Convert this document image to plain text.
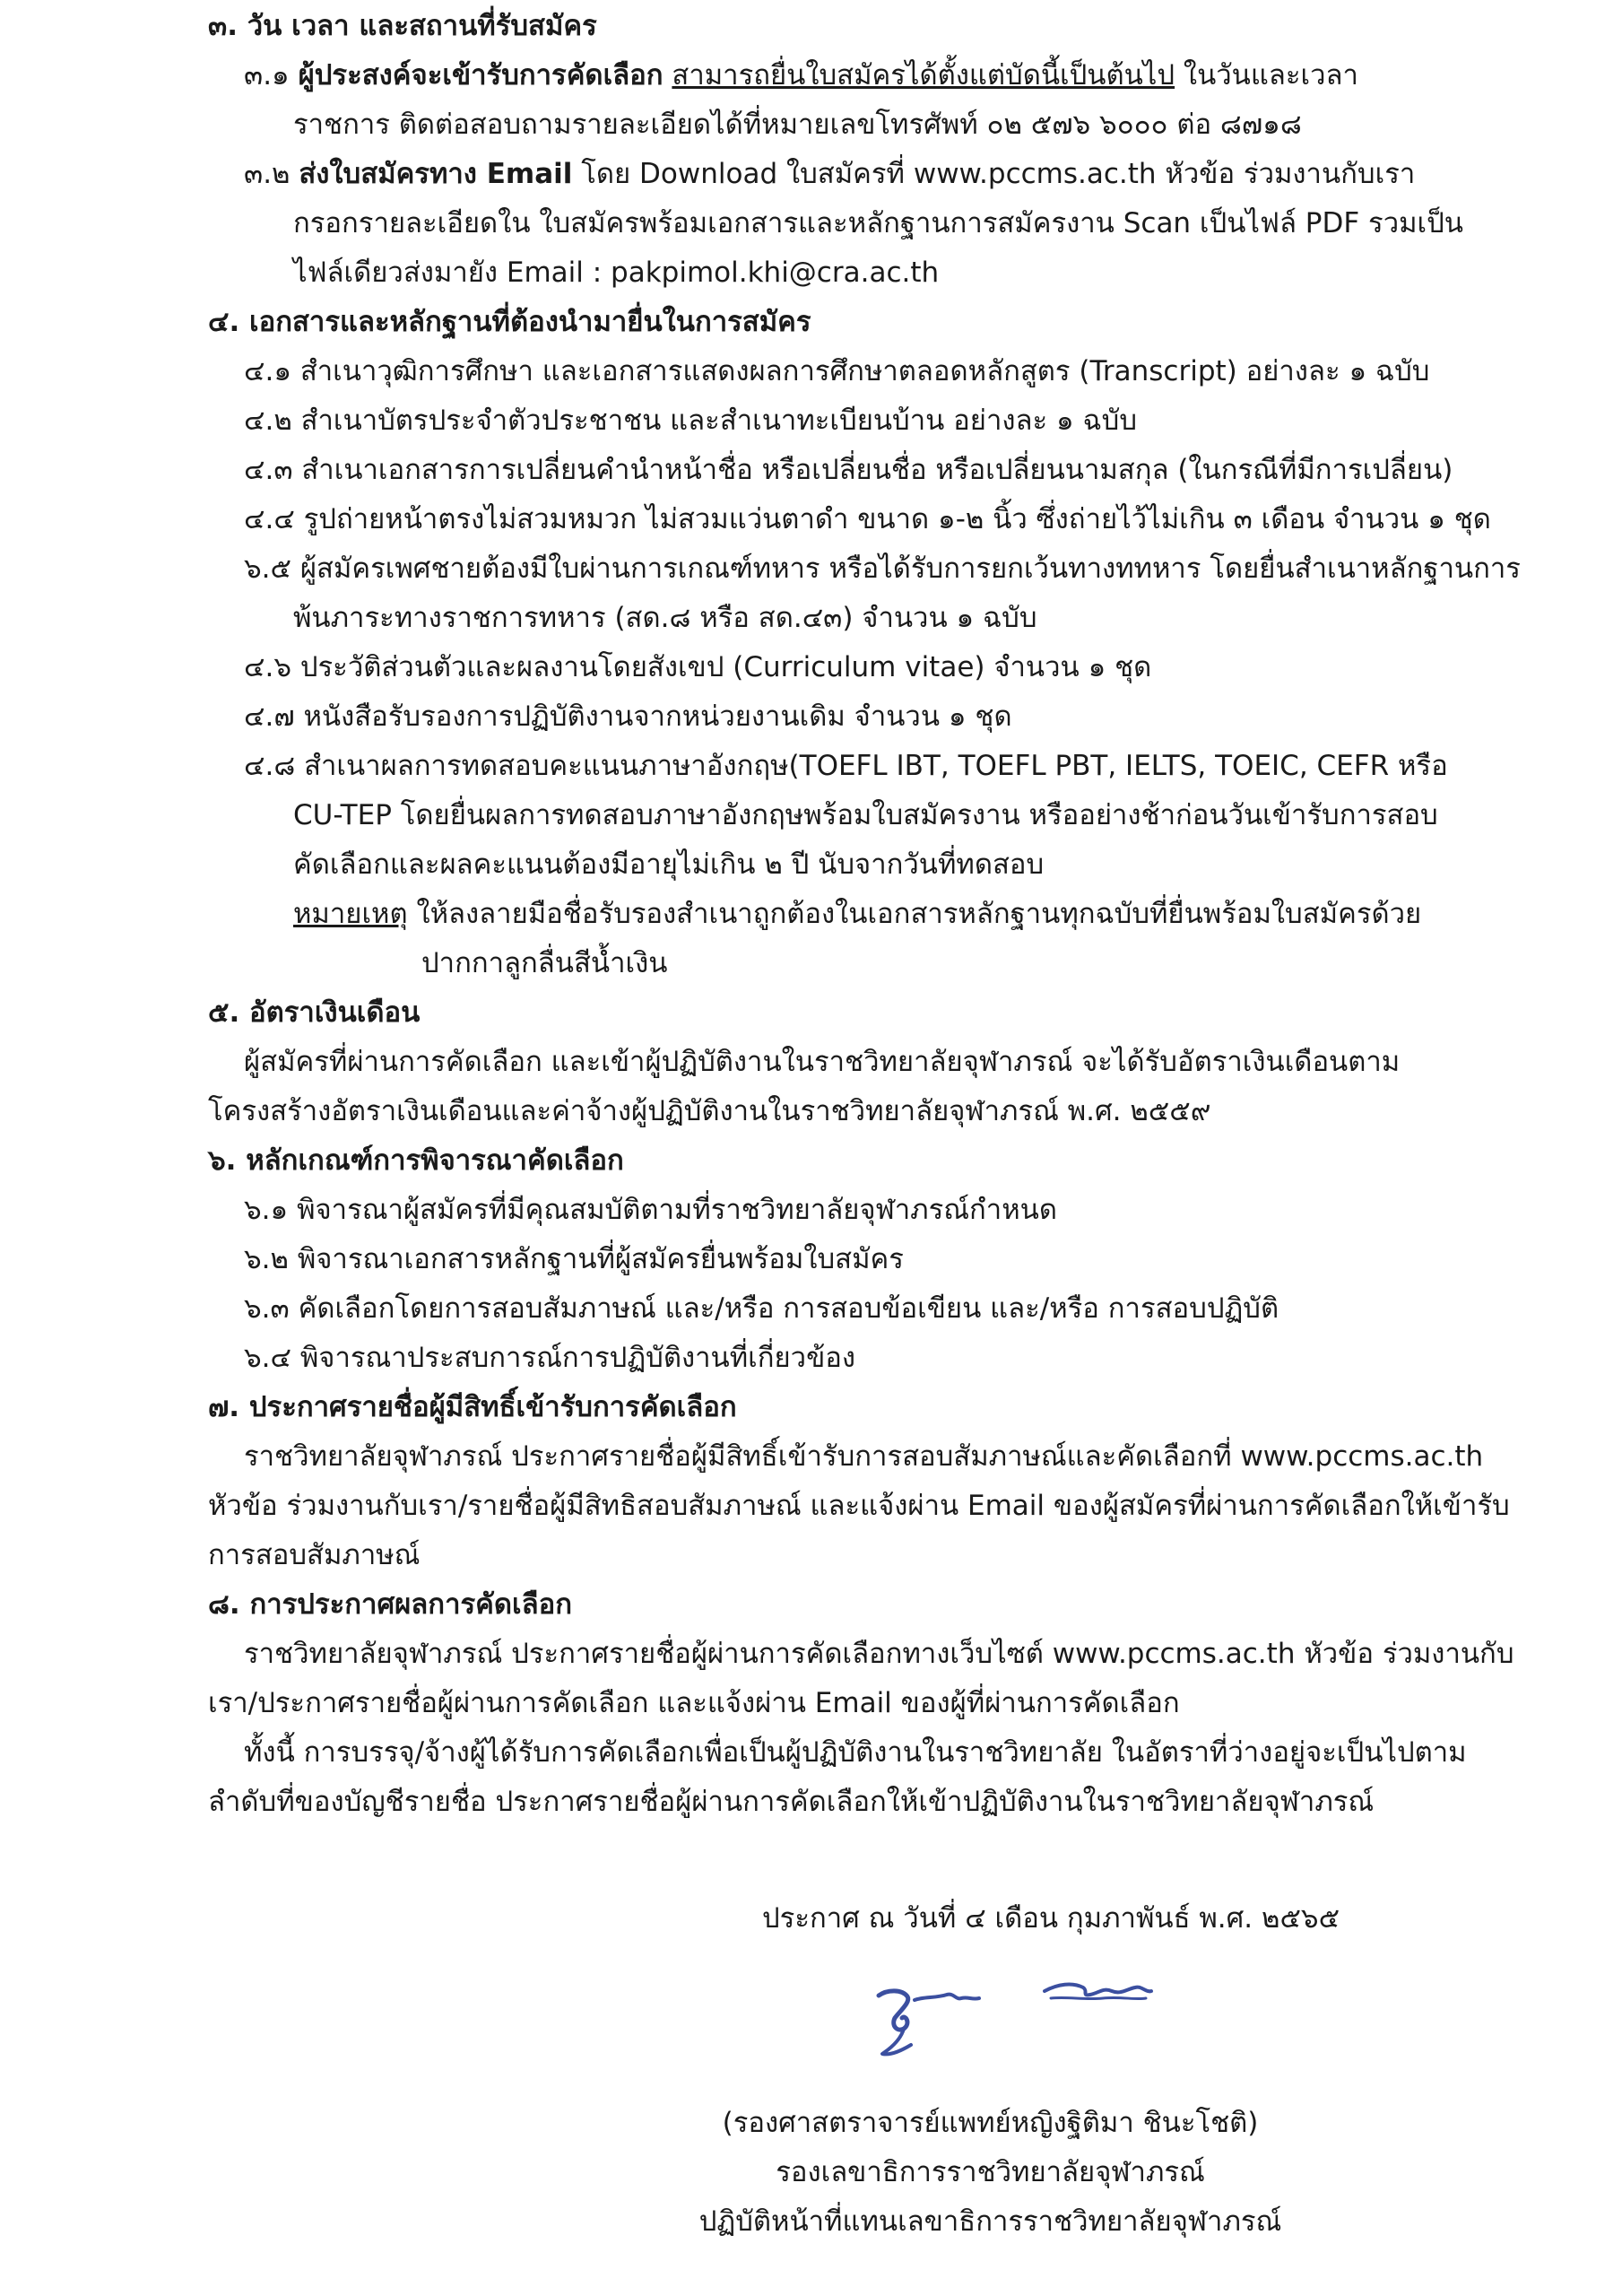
๓. วัน เวลา และสถานที่รับสมัคร
๓.๑ ผู้ประสงค์จะเข้ารับการคัดเลือก สามารถยื่นใบสมัครได้ตั้งแต่บัดนี้เป็นต้นไป ในวันและเวลา
ราชการ ติดต่อสอบถามรายละเอียดได้ที่หมายเลขโทรศัพท์ ๐๒ ๕๗๖ ๖๐๐๐ ต่อ ๘๗๑๘
๓.๒ ส่งใบสมัครทาง Email โดย Download ใบสมัครที่ www.pccms.ac.th หัวข้อ ร่วมงานกับเรา
กรอกรายละเอียดใน ใบสมัครพร้อมเอกสารและหลักฐานการสมัครงาน Scan เป็นไฟล์ PDF รวมเป็น
ไฟล์เดียวส่งมายัง Email : pakpimol.khi@cra.ac.th
๔. เอกสารและหลักฐานที่ต้องนำมายื่นในการสมัคร
๔.๑ สำเนาวุฒิการศึกษา และเอกสารแสดงผลการศึกษาตลอดหลักสูตร (Transcript) อย่างละ ๑ ฉบับ
๔.๒ สำเนาบัตรประจำตัวประชาชน และสำเนาทะเบียนบ้าน อย่างละ ๑ ฉบับ
๔.๓ สำเนาเอกสารการเปลี่ยนคำนำหน้าชื่อ หรือเปลี่ยนชื่อ หรือเปลี่ยนนามสกุล (ในกรณีที่มีการเปลี่ยน)
๔.๔ รูปถ่ายหน้าตรงไม่สวมหมวก ไม่สวมแว่นตาดำ ขนาด ๑-๒ นิ้ว ซึ่งถ่ายไว้ไม่เกิน ๓ เดือน จำนวน ๑ ชุด
๖.๕ ผู้สมัครเพศชายต้องมีใบผ่านการเกณฑ์ทหาร หรือได้รับการยกเว้นทางททหาร โดยยื่นสำเนาหลักฐานการ
พ้นภาระทางราชการทหาร (สด.๘ หรือ สด.๔๓) จำนวน ๑ ฉบับ
๔.๖ ประวัติส่วนตัวและผลงานโดยสังเขป (Curriculum vitae) จำนวน ๑ ชุด
๔.๗ หนังสือรับรองการปฏิบัติงานจากหน่วยงานเดิม จำนวน ๑ ชุด
๔.๘ สำเนาผลการทดสอบคะแนนภาษาอังกฤษ(TOEFL IBT, TOEFL PBT, IELTS, TOEIC, CEFR หรือ
CU-TEP โดยยื่นผลการทดสอบภาษาอังกฤษพร้อมใบสมัครงาน หรืออย่างช้าก่อนวันเข้ารับการสอบ
คัดเลือกและผลคะแนนต้องมีอายุไม่เกิน ๒ ปี นับจากวันที่ทดสอบ
หมายเหตุ ให้ลงลายมือชื่อรับรองสำเนาถูกต้องในเอกสารหลักฐานทุกฉบับที่ยื่นพร้อมใบสมัครด้วย
ปากกาลูกลื่นสีน้ำเงิน
๕. อัตราเงินเดือน
ผู้สมัครที่ผ่านการคัดเลือก และเข้าผู้ปฏิบัติงานในราชวิทยาลัยจุฬาภรณ์ จะได้รับอัตราเงินเดือนตาม
โครงสร้างอัตราเงินเดือนและค่าจ้างผู้ปฏิบัติงานในราชวิทยาลัยจุฬาภรณ์ พ.ศ. ๒๕๕๙
๖. หลักเกณฑ์การพิจารณาคัดเลือก
๖.๑ พิจารณาผู้สมัครที่มีคุณสมบัติตามที่ราชวิทยาลัยจุฬาภรณ์กำหนด
๖.๒ พิจารณาเอกสารหลักฐานที่ผู้สมัครยื่นพร้อมใบสมัคร
๖.๓ คัดเลือกโดยการสอบสัมภาษณ์ และ/หรือ การสอบข้อเขียน และ/หรือ การสอบปฏิบัติ
๖.๔ พิจารณาประสบการณ์การปฏิบัติงานที่เกี่ยวข้อง
๗. ประกาศรายชื่อผู้มีสิทธิ์เข้ารับการคัดเลือก
ราชวิทยาลัยจุฬาภรณ์ ประกาศรายชื่อผู้มีสิทธิ์เข้ารับการสอบสัมภาษณ์และคัดเลือกที่ www.pccms.ac.th
หัวข้อ ร่วมงานกับเรา/รายชื่อผู้มีสิทธิสอบสัมภาษณ์ และแจ้งผ่าน Email ของผู้สมัครที่ผ่านการคัดเลือกให้เข้ารับ
การสอบสัมภาษณ์
๘. การประกาศผลการคัดเลือก
ราชวิทยาลัยจุฬาภรณ์ ประกาศรายชื่อผู้ผ่านการคัดเลือกทางเว็บไซต์ www.pccms.ac.th หัวข้อ ร่วมงานกับ
เรา/ประกาศรายชื่อผู้ผ่านการคัดเลือก และแจ้งผ่าน Email ของผู้ที่ผ่านการคัดเลือก
ทั้งนี้ การบรรจุ/จ้างผู้ได้รับการคัดเลือกเพื่อเป็นผู้ปฏิบัติงานในราชวิทยาลัย ในอัตราที่ว่างอยู่จะเป็นไปตาม
ลำดับที่ของบัญชีรายชื่อ ประกาศรายชื่อผู้ผ่านการคัดเลือกให้เข้าปฏิบัติงานในราชวิทยาลัยจุฬาภรณ์
ประกาศ ณ วันที่ ๔ เดือน กุมภาพันธ์ พ.ศ. ๒๕๖๕
(รองศาสตราจารย์แพทย์หญิงฐิติมา ชินะโชติ)
รองเลขาธิการราชวิทยาลัยจุฬาภรณ์
ปฏิบัติหน้าที่แทนเลขาธิการราชวิทยาลัยจุฬาภรณ์
